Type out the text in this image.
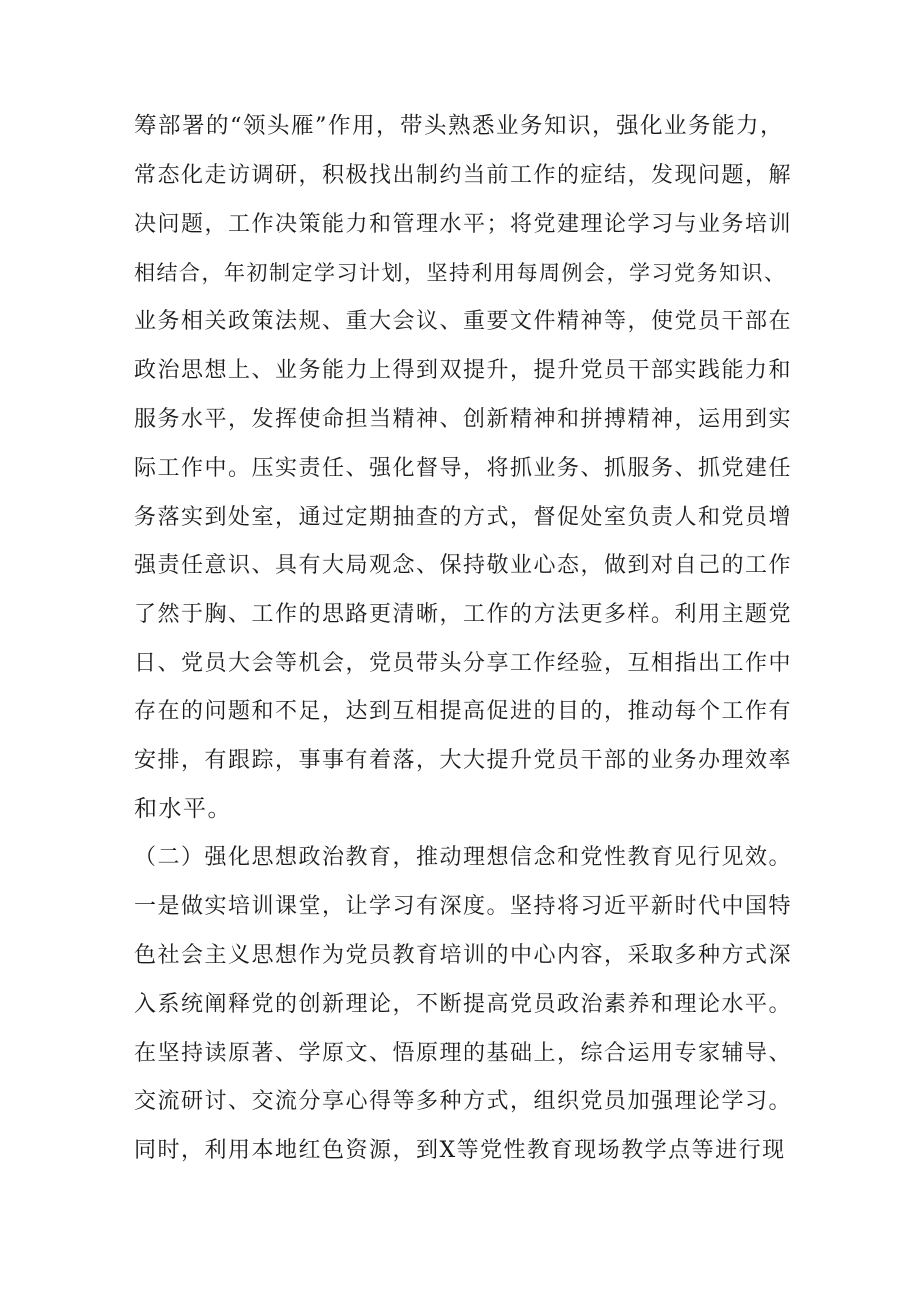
筹部署的“领头雁”作用，带头熟悉业务知识，强化业务能力，
常态化走访调研，积极找出制约当前工作的症结，发现问题，解
决问题，工作决策能力和管理水平；将党建理论学习与业务培训
相结合，年初制定学习计划，坚持利用每周例会，学习党务知识、
业务相关政策法规、重大会议、重要文件精神等，使党员干部在
政治思想上、业务能力上得到双提升，提升党员干部实践能力和
服务水平，发挥使命担当精神、创新精神和拼搏精神，运用到实
际工作中。压实责任、强化督导，将抓业务、抓服务、抓党建任
务落实到处室，通过定期抽查的方式，督促处室负责人和党员增
强责任意识、具有大局观念、保持敬业心态，做到对自己的工作
了然于胸、工作的思路更清晰，工作的方法更多样。利用主题党
日、党员大会等机会，党员带头分享工作经验，互相指出工作中
存在的问题和不足，达到互相提高促进的目的，推动每个工作有
安排，有跟踪，事事有着落，大大提升党员干部的业务办理效率
和水平。
（二）强化思想政治教育，推动理想信念和党性教育见行见效。
一是做实培训课堂，让学习有深度。坚持将习近平新时代中国特
色社会主义思想作为党员教育培训的中心内容，采取多种方式深
入系统阐释党的创新理论，不断提高党员政治素养和理论水平。
在坚持读原著、学原文、悟原理的基础上，综合运用专家辅导、
交流研讨、交流分享心得等多种方式，组织党员加强理论学习。
同时，利用本地红色资源，到X等党性教育现场教学点等进行现
